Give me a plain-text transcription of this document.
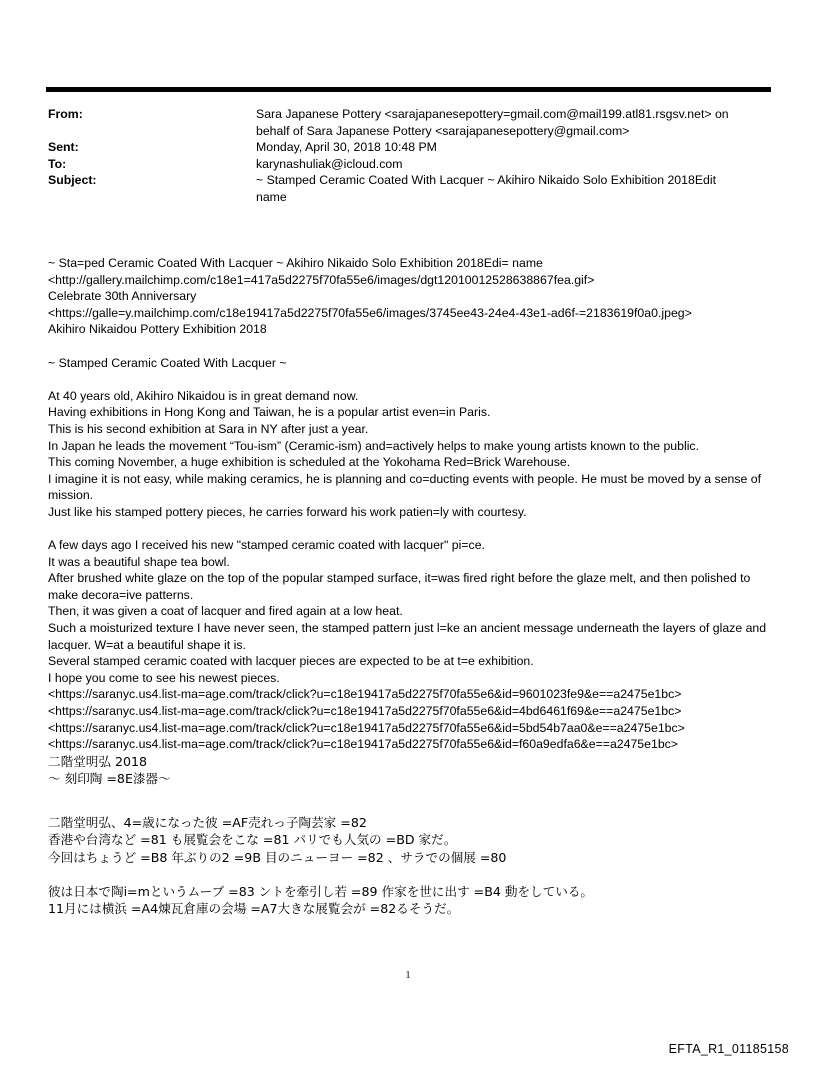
From:	Sara Japanese Pottery <sarajapanesepottery=gmail.com@mail199.atl81.rsgsv.net> on
behalf of Sara Japanese Pottery <sarajapanesepottery@gmail.com>
Sent:	Monday, April 30, 2018 10:48 PM
To:	karynashuliak@icloud.com
Subject:	~ Stamped Ceramic Coated With Lacquer ~ Akihiro Nikaido Solo Exhibition 2018Edit
name
~ Sta=ped Ceramic Coated With Lacquer ~ Akihiro Nikaido Solo Exhibition 2018Edi= name
<http://gallery.mailchimp.com/c18e1=417a5d2275f70fa55e6/images/dgt12010012528638867fea.gif>
Celebrate 30th Anniversary
<https://galle=y.mailchimp.com/c18e19417a5d2275f70fa55e6/images/3745ee43-24e4-43e1-ad6f-=2183619f0a0.jpeg>
Akihiro Nikaidou Pottery Exhibition 2018
~ Stamped Ceramic Coated With Lacquer ~
At 40 years old, Akihiro Nikaidou is in great demand now.
Having exhibitions in Hong Kong and Taiwan, he is a popular artist even=in Paris.
This is his second exhibition at Sara in NY after just a year.
In Japan he leads the movement “Tou-ism” (Ceramic-ism) and=actively helps to make young artists known to the public.
This coming November, a huge exhibition is scheduled at the Yokohama Red=Brick Warehouse.
I imagine it is not easy, while making ceramics, he is planning and co=ducting events with people. He must be moved by a sense of mission.
Just like his stamped pottery pieces, he carries forward his work patien=ly with courtesy.
A few days ago I received his new "stamped ceramic coated with lacquer" pi=ce.
It was a beautiful shape tea bowl.
After brushed white glaze on the top of the popular stamped surface, it=was fired right before the glaze melt, and then polished to make decora=ive patterns.
Then, it was given a coat of lacquer and fired again at a low heat.
Such a moisturized texture I have never seen, the stamped pattern just l=ke an ancient message underneath the layers of glaze and lacquer. W=at a beautiful shape it is.
Several stamped ceramic coated with lacquer pieces are expected to be at t=e exhibition.
I hope you come to see his newest pieces.
<https://saranyc.us4.list-ma=age.com/track/click?u=c18e19417a5d2275f70fa55e6&id=9601023fe9&e==a2475e1bc>
<https://saranyc.us4.list-ma=age.com/track/click?u=c18e19417a5d2275f70fa55e6&id=4bd6461f69&e==a2475e1bc>
<https://saranyc.us4.list-ma=age.com/track/click?u=c18e19417a5d2275f70fa55e6&id=5bd54b7aa0&e==a2475e1bc>
<https://saranyc.us4.list-ma=age.com/track/click?u=c18e19417a5d2275f70fa55e6&id=f60a9edfa6&e==a2475e1bc>
二階堂明弘 2018
〜 刻印陶 =8E漆器〜
二階堂明弘、4=歳になった彼 =AF売れっ子陶芸家 =82
香港や台湾など =81 も展覧会をこな =81 パリでも人気の =BD 家だ。
今回はちょうど =B8 年ぶりの2 =9B 目のニューヨー =82 、サラでの個展 =80
彼は日本で陶i=mというムーブ =83 ントを牽引し若 =89 作家を世に出す =B4 動をしている。
11月には横浜 =A4煉瓦倉庫の会場 =A7大きな展覧会が =82るそうだ。
1
EFTA_R1_01185158
